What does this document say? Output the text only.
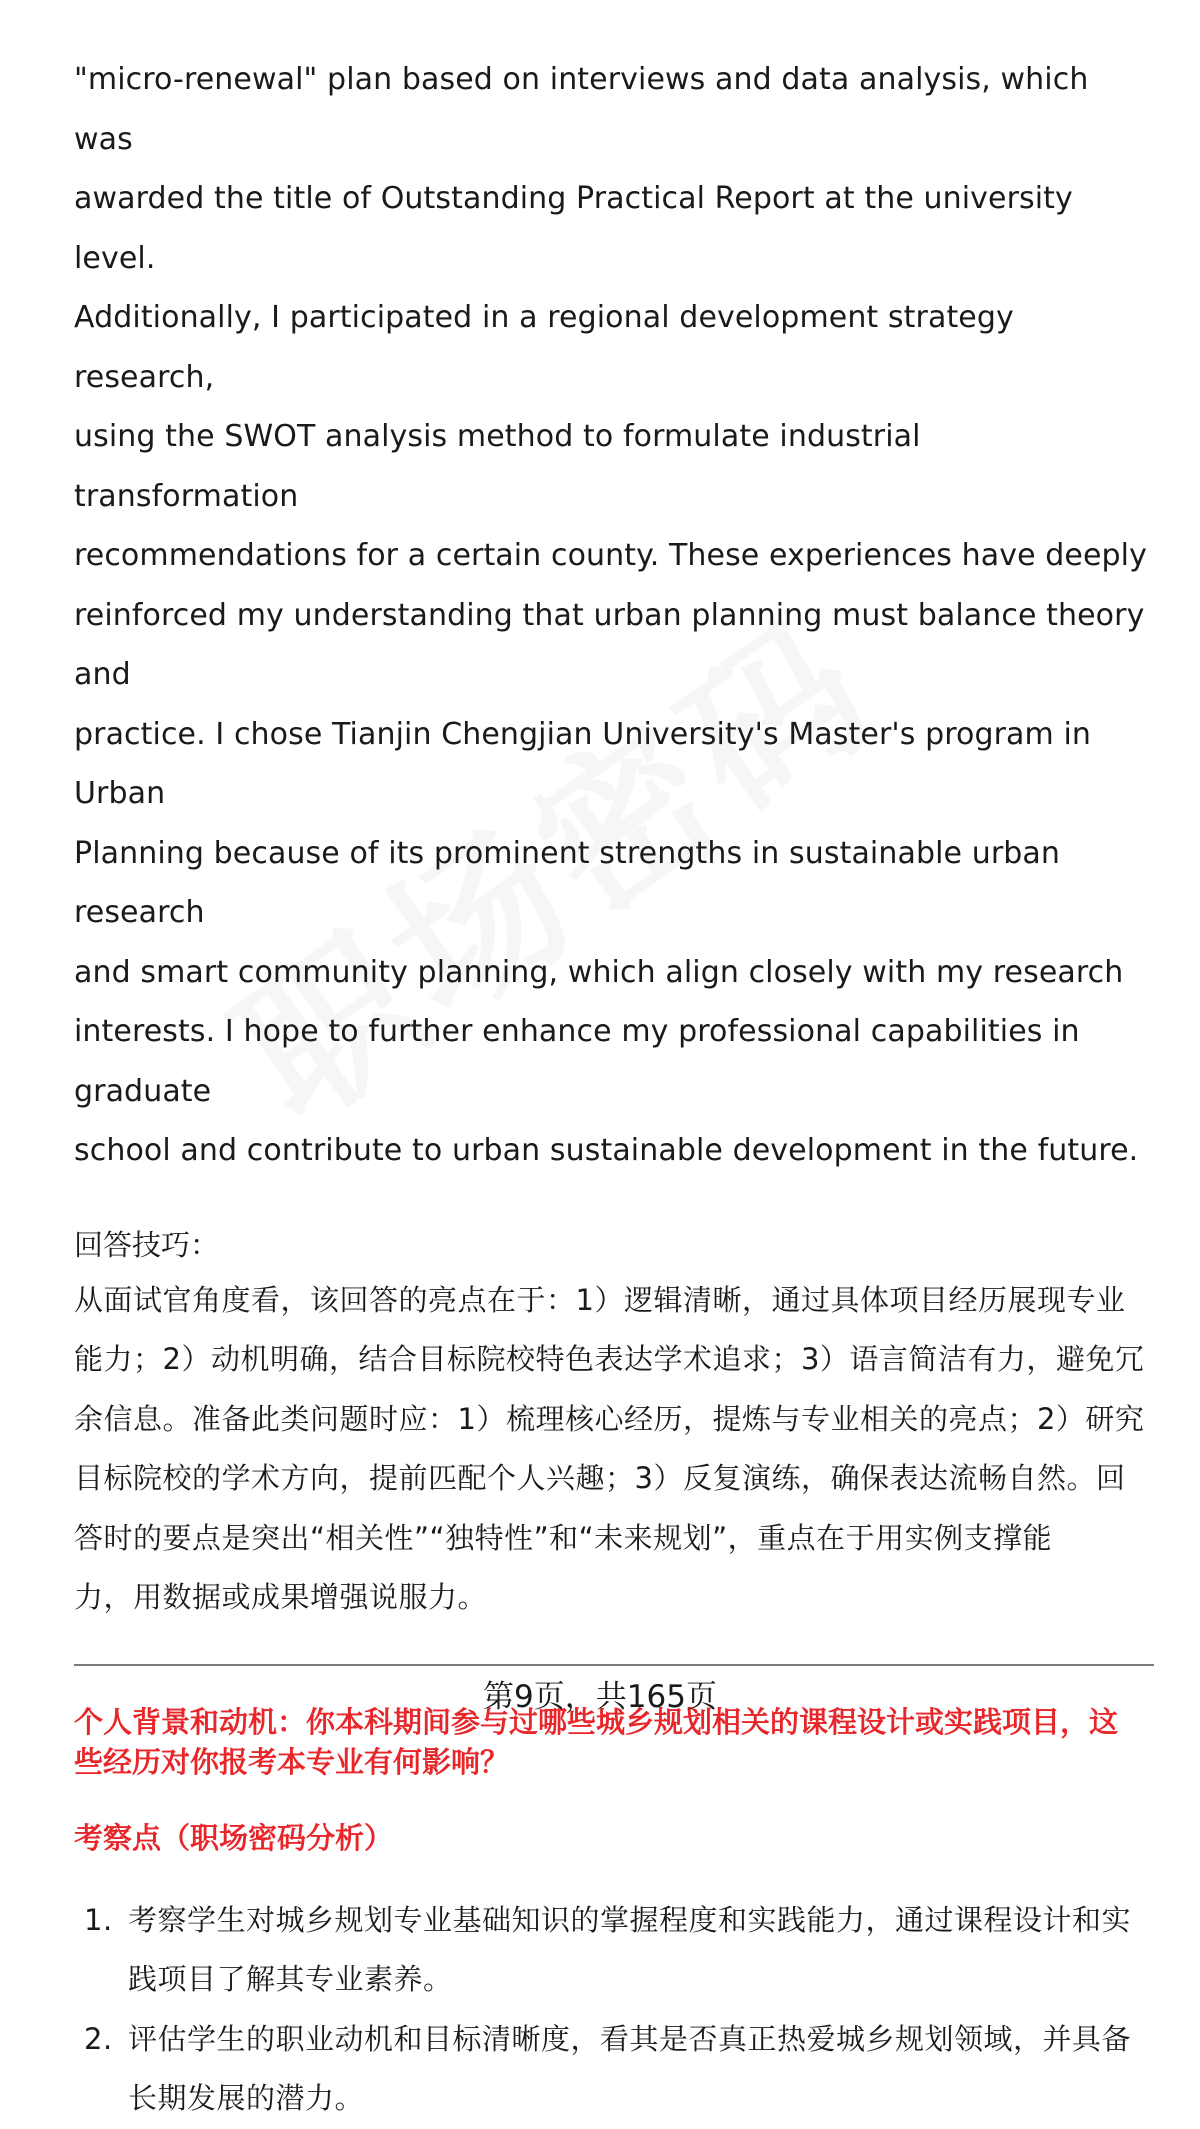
"micro-renewal" plan based on interviews and data analysis, which was
awarded the title of Outstanding Practical Report at the university level.
Additionally, I participated in a regional development strategy research,
using the SWOT analysis method to formulate industrial transformation
recommendations for a certain county. These experiences have deeply
reinforced my understanding that urban planning must balance theory and
practice. I chose Tianjin Chengjian University's Master's program in Urban
Planning because of its prominent strengths in sustainable urban research
and smart community planning, which align closely with my research
interests. I hope to further enhance my professional capabilities in graduate
school and contribute to urban sustainable development in the future.
回答技巧：
从面试官角度看，该回答的亮点在于：1）逻辑清晰，通过具体项目经历展现专业
能力；2）动机明确，结合目标院校特色表达学术追求；3）语言简洁有力，避免冗
余信息。准备此类问题时应：1）梳理核心经历，提炼与专业相关的亮点；2）研究
目标院校的学术方向，提前匹配个人兴趣；3）反复演练，确保表达流畅自然。回
答时的要点是突出“相关性”“独特性”和“未来规划”，重点在于用实例支撑能
力，用数据或成果增强说服力。
个人背景和动机：你本科期间参与过哪些城乡规划相关的课程设计或实践项目，这
些经历对你报考本专业有何影响？
考察点（职场密码分析）
1. 考察学生对城乡规划专业基础知识的掌握程度和实践能力，通过课程设计和实
践项目了解其专业素养。
2. 评估学生的职业动机和目标清晰度，看其是否真正热爱城乡规划领域，并具备
长期发展的潜力。
第9页，共165页
